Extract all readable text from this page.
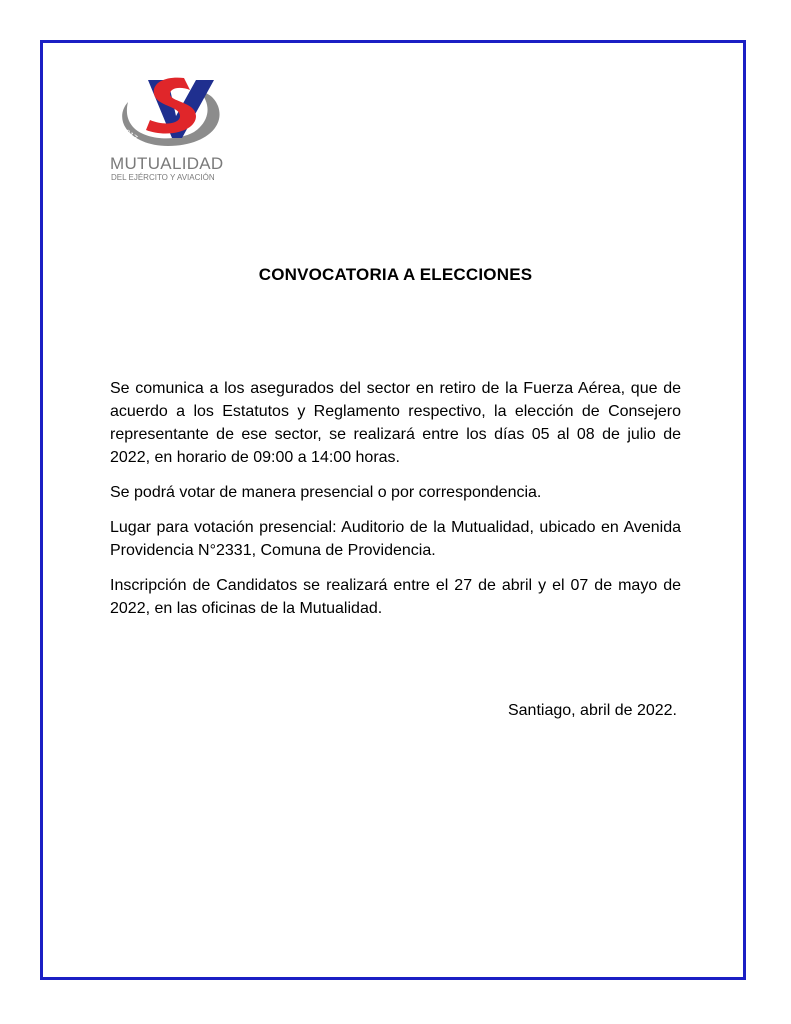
1917
MUTUALIDAD
DEL EJÉRCITO Y AVIACIÓN
CONVOCATORIA A ELECCIONES

Se comunica a los asegurados del sector en retiro de la Fuerza Aérea, que de acuerdo a los Estatutos y Reglamento respectivo, la elección de Consejero representante de ese sector, se realizará entre los días 05 al 08 de julio de 2022, en horario de 09:00 a 14:00 horas.

Se podrá votar de manera presencial o por correspondencia.

Lugar para votación presencial: Auditorio de la Mutualidad, ubicado en Avenida Providencia N°2331, Comuna de Providencia.

Inscripción de Candidatos se realizará entre el 27 de abril y el 07 de mayo de 2022, en las oficinas de la Mutualidad.

Santiago, abril de 2022.
